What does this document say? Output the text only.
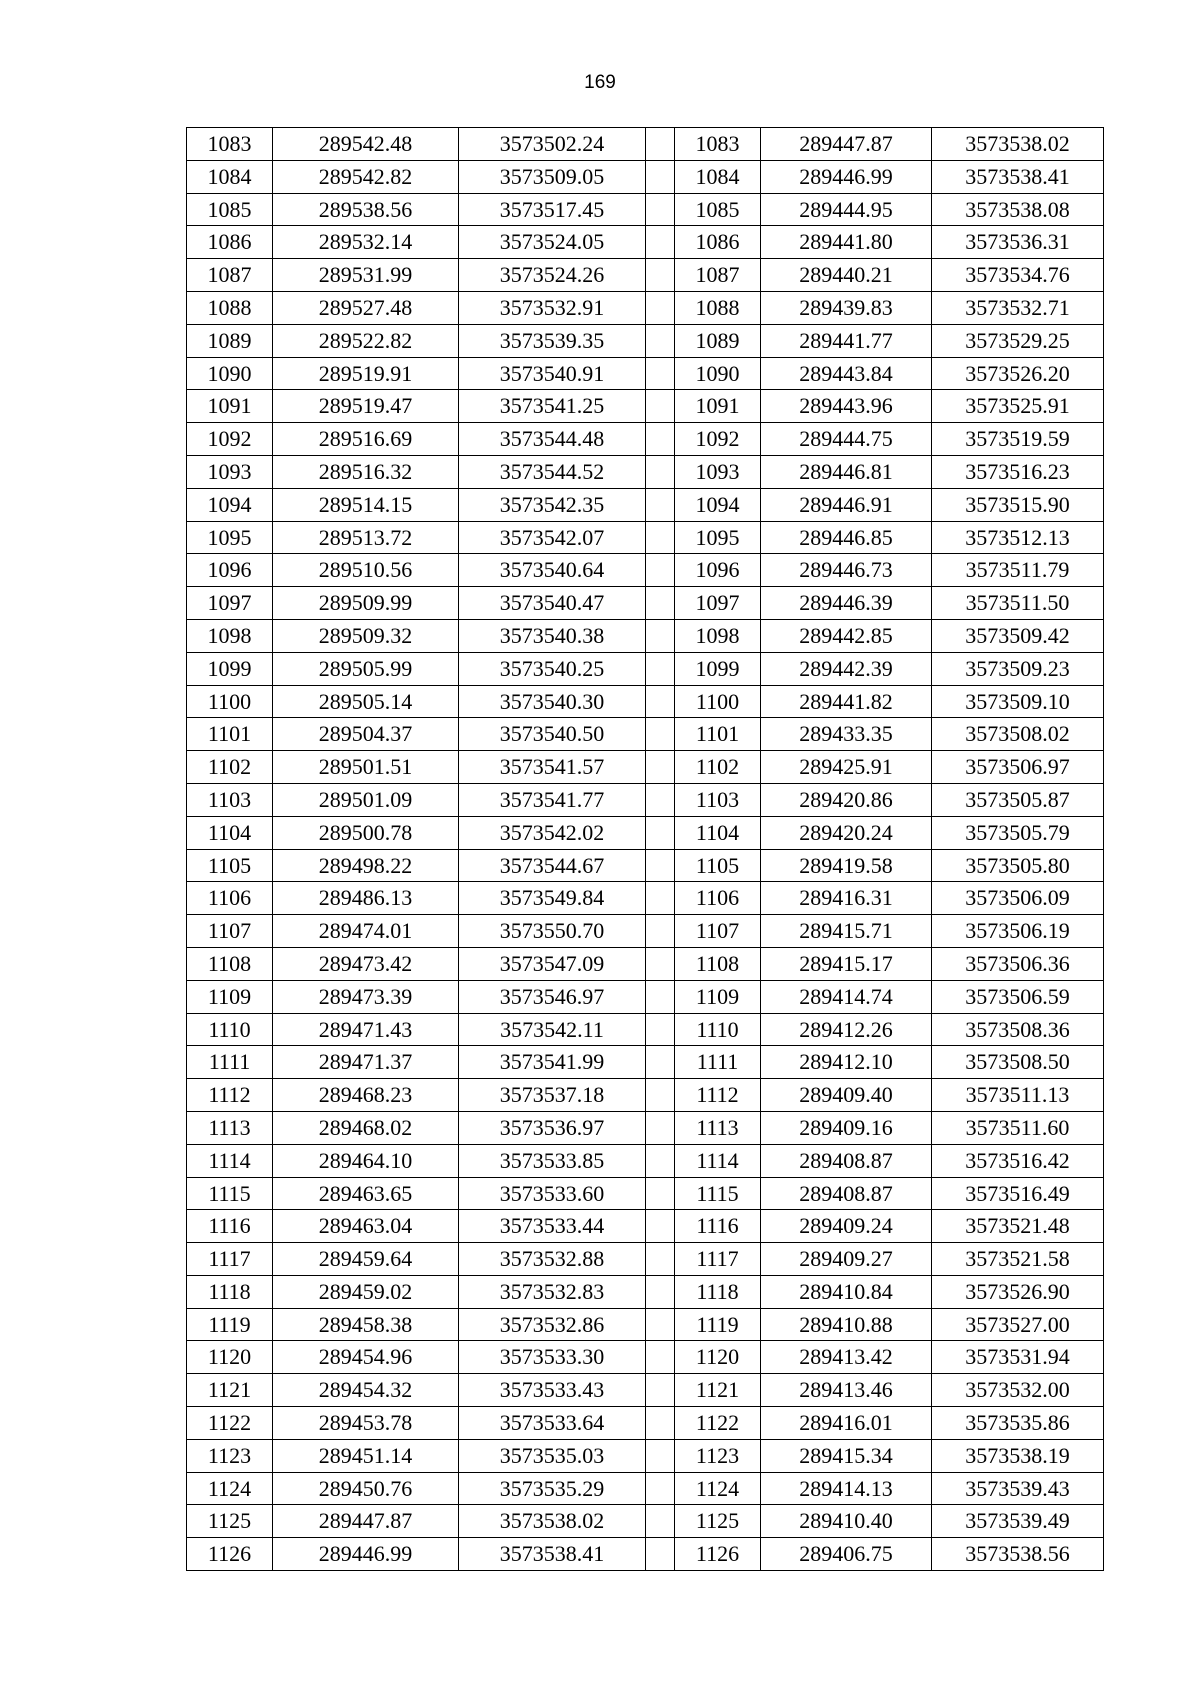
169
1083	289542.48	3573502.24		1083	289447.87	3573538.02
1084	289542.82	3573509.05		1084	289446.99	3573538.41
1085	289538.56	3573517.45		1085	289444.95	3573538.08
1086	289532.14	3573524.05		1086	289441.80	3573536.31
1087	289531.99	3573524.26		1087	289440.21	3573534.76
1088	289527.48	3573532.91		1088	289439.83	3573532.71
1089	289522.82	3573539.35		1089	289441.77	3573529.25
1090	289519.91	3573540.91		1090	289443.84	3573526.20
1091	289519.47	3573541.25		1091	289443.96	3573525.91
1092	289516.69	3573544.48		1092	289444.75	3573519.59
1093	289516.32	3573544.52		1093	289446.81	3573516.23
1094	289514.15	3573542.35		1094	289446.91	3573515.90
1095	289513.72	3573542.07		1095	289446.85	3573512.13
1096	289510.56	3573540.64		1096	289446.73	3573511.79
1097	289509.99	3573540.47		1097	289446.39	3573511.50
1098	289509.32	3573540.38		1098	289442.85	3573509.42
1099	289505.99	3573540.25		1099	289442.39	3573509.23
1100	289505.14	3573540.30		1100	289441.82	3573509.10
1101	289504.37	3573540.50		1101	289433.35	3573508.02
1102	289501.51	3573541.57		1102	289425.91	3573506.97
1103	289501.09	3573541.77		1103	289420.86	3573505.87
1104	289500.78	3573542.02		1104	289420.24	3573505.79
1105	289498.22	3573544.67		1105	289419.58	3573505.80
1106	289486.13	3573549.84		1106	289416.31	3573506.09
1107	289474.01	3573550.70		1107	289415.71	3573506.19
1108	289473.42	3573547.09		1108	289415.17	3573506.36
1109	289473.39	3573546.97		1109	289414.74	3573506.59
1110	289471.43	3573542.11		1110	289412.26	3573508.36
1111	289471.37	3573541.99		1111	289412.10	3573508.50
1112	289468.23	3573537.18		1112	289409.40	3573511.13
1113	289468.02	3573536.97		1113	289409.16	3573511.60
1114	289464.10	3573533.85		1114	289408.87	3573516.42
1115	289463.65	3573533.60		1115	289408.87	3573516.49
1116	289463.04	3573533.44		1116	289409.24	3573521.48
1117	289459.64	3573532.88		1117	289409.27	3573521.58
1118	289459.02	3573532.83		1118	289410.84	3573526.90
1119	289458.38	3573532.86		1119	289410.88	3573527.00
1120	289454.96	3573533.30		1120	289413.42	3573531.94
1121	289454.32	3573533.43		1121	289413.46	3573532.00
1122	289453.78	3573533.64		1122	289416.01	3573535.86
1123	289451.14	3573535.03		1123	289415.34	3573538.19
1124	289450.76	3573535.29		1124	289414.13	3573539.43
1125	289447.87	3573538.02		1125	289410.40	3573539.49
1126	289446.99	3573538.41		1126	289406.75	3573538.56
